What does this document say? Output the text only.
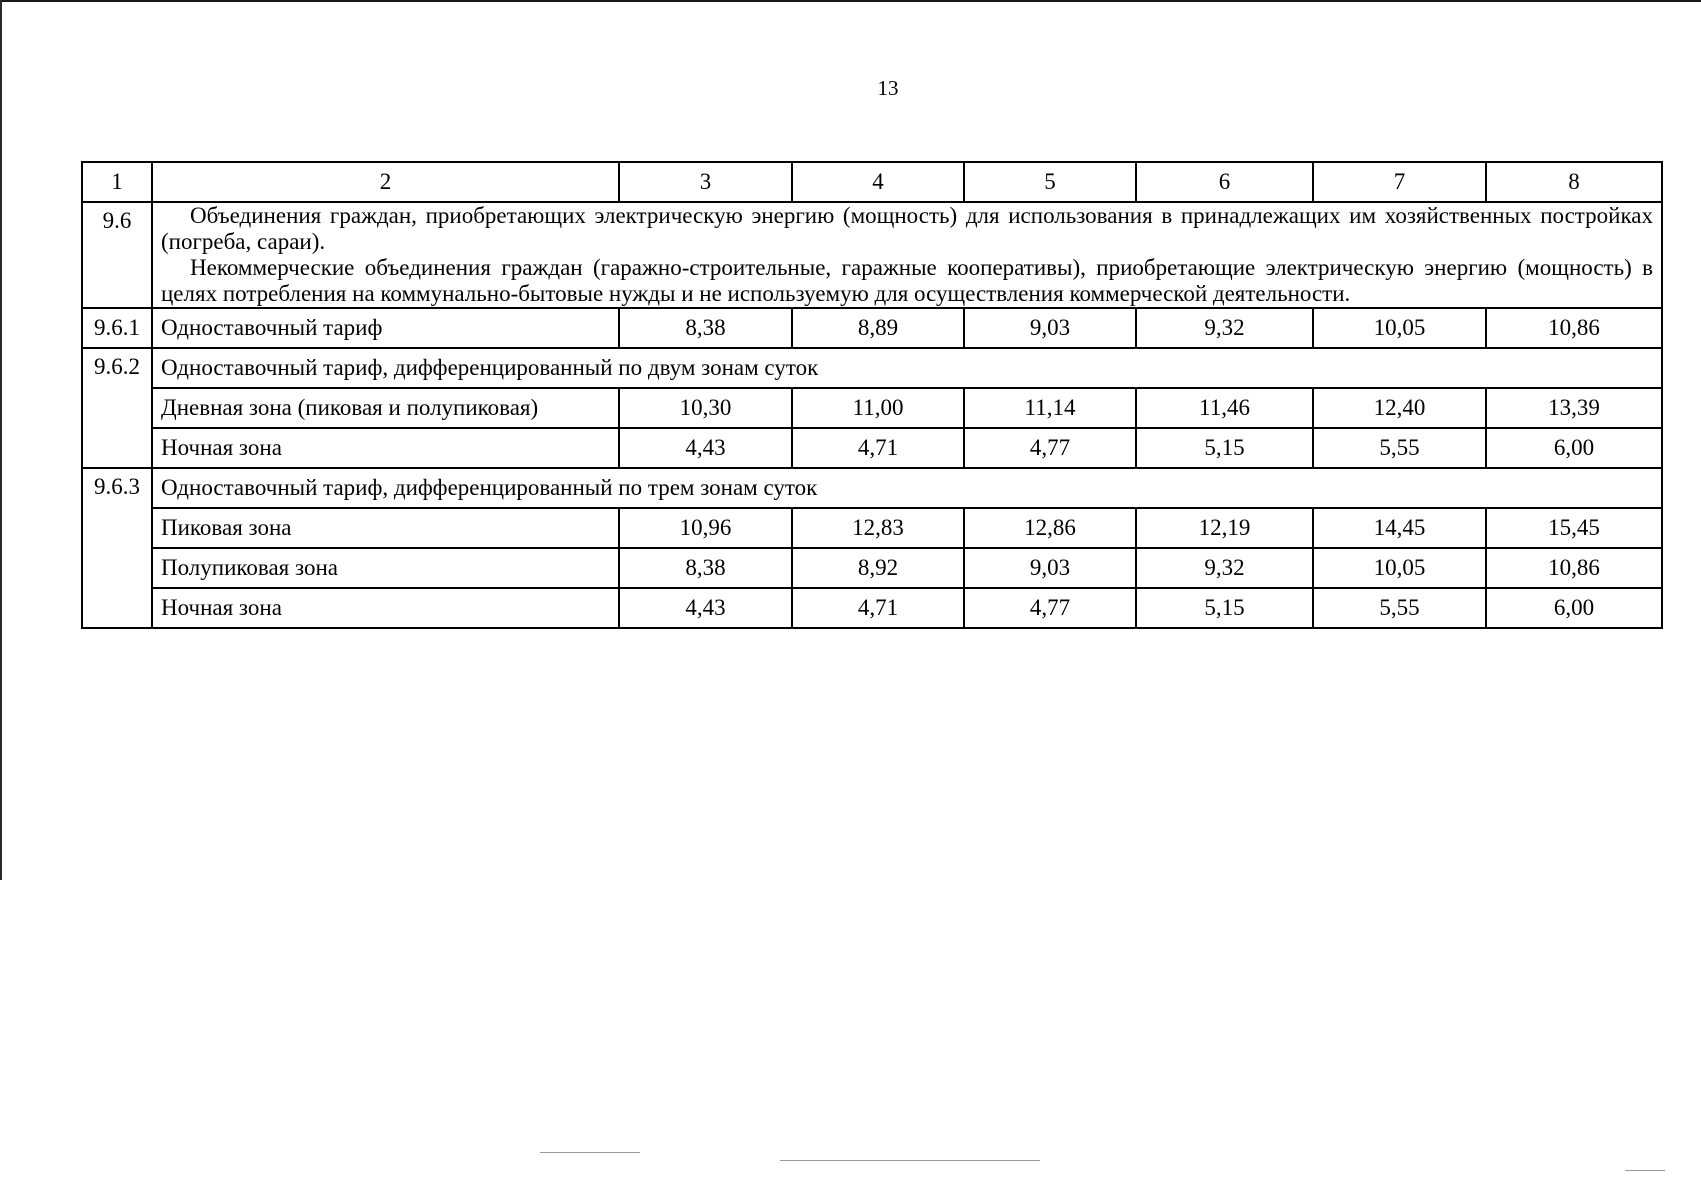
13
1	2	3	4	5	6	7	8
9.6	Объединения граждан, приобретающих электрическую энергию (мощность) для использования в принадлежащих им хозяйственных постройках (погреба, сараи).

Некоммерческие объединения граждан (гаражно-строительные, гаражные кооперативы), приобретающие электрическую энергию (мощность) в целях потребления на коммунально-бытовые нужды и не используемую для осуществления коммерческой деятельности.						

9.6.1	Одноставочный тариф	8,38	8,89	9,03	9,32	10,05	10,86
9.6.2	Одноставочный тариф, дифференцированный по двум зонам суток						
	Дневная зона (пиковая и полупиковая)	10,30	11,00	11,14	11,46	12,40	13,39
	Ночная зона	4,43	4,71	4,77	5,15	5,55	6,00
9.6.3	Одноставочный тариф, дифференцированный по трем зонам суток						
	Пиковая зона	10,96	12,83	12,86	12,19	14,45	15,45
	Полупиковая зона	8,38	8,92	9,03	9,32	10,05	10,86
	Ночная зона	4,43	4,71	4,77	5,15	5,55	6,00
